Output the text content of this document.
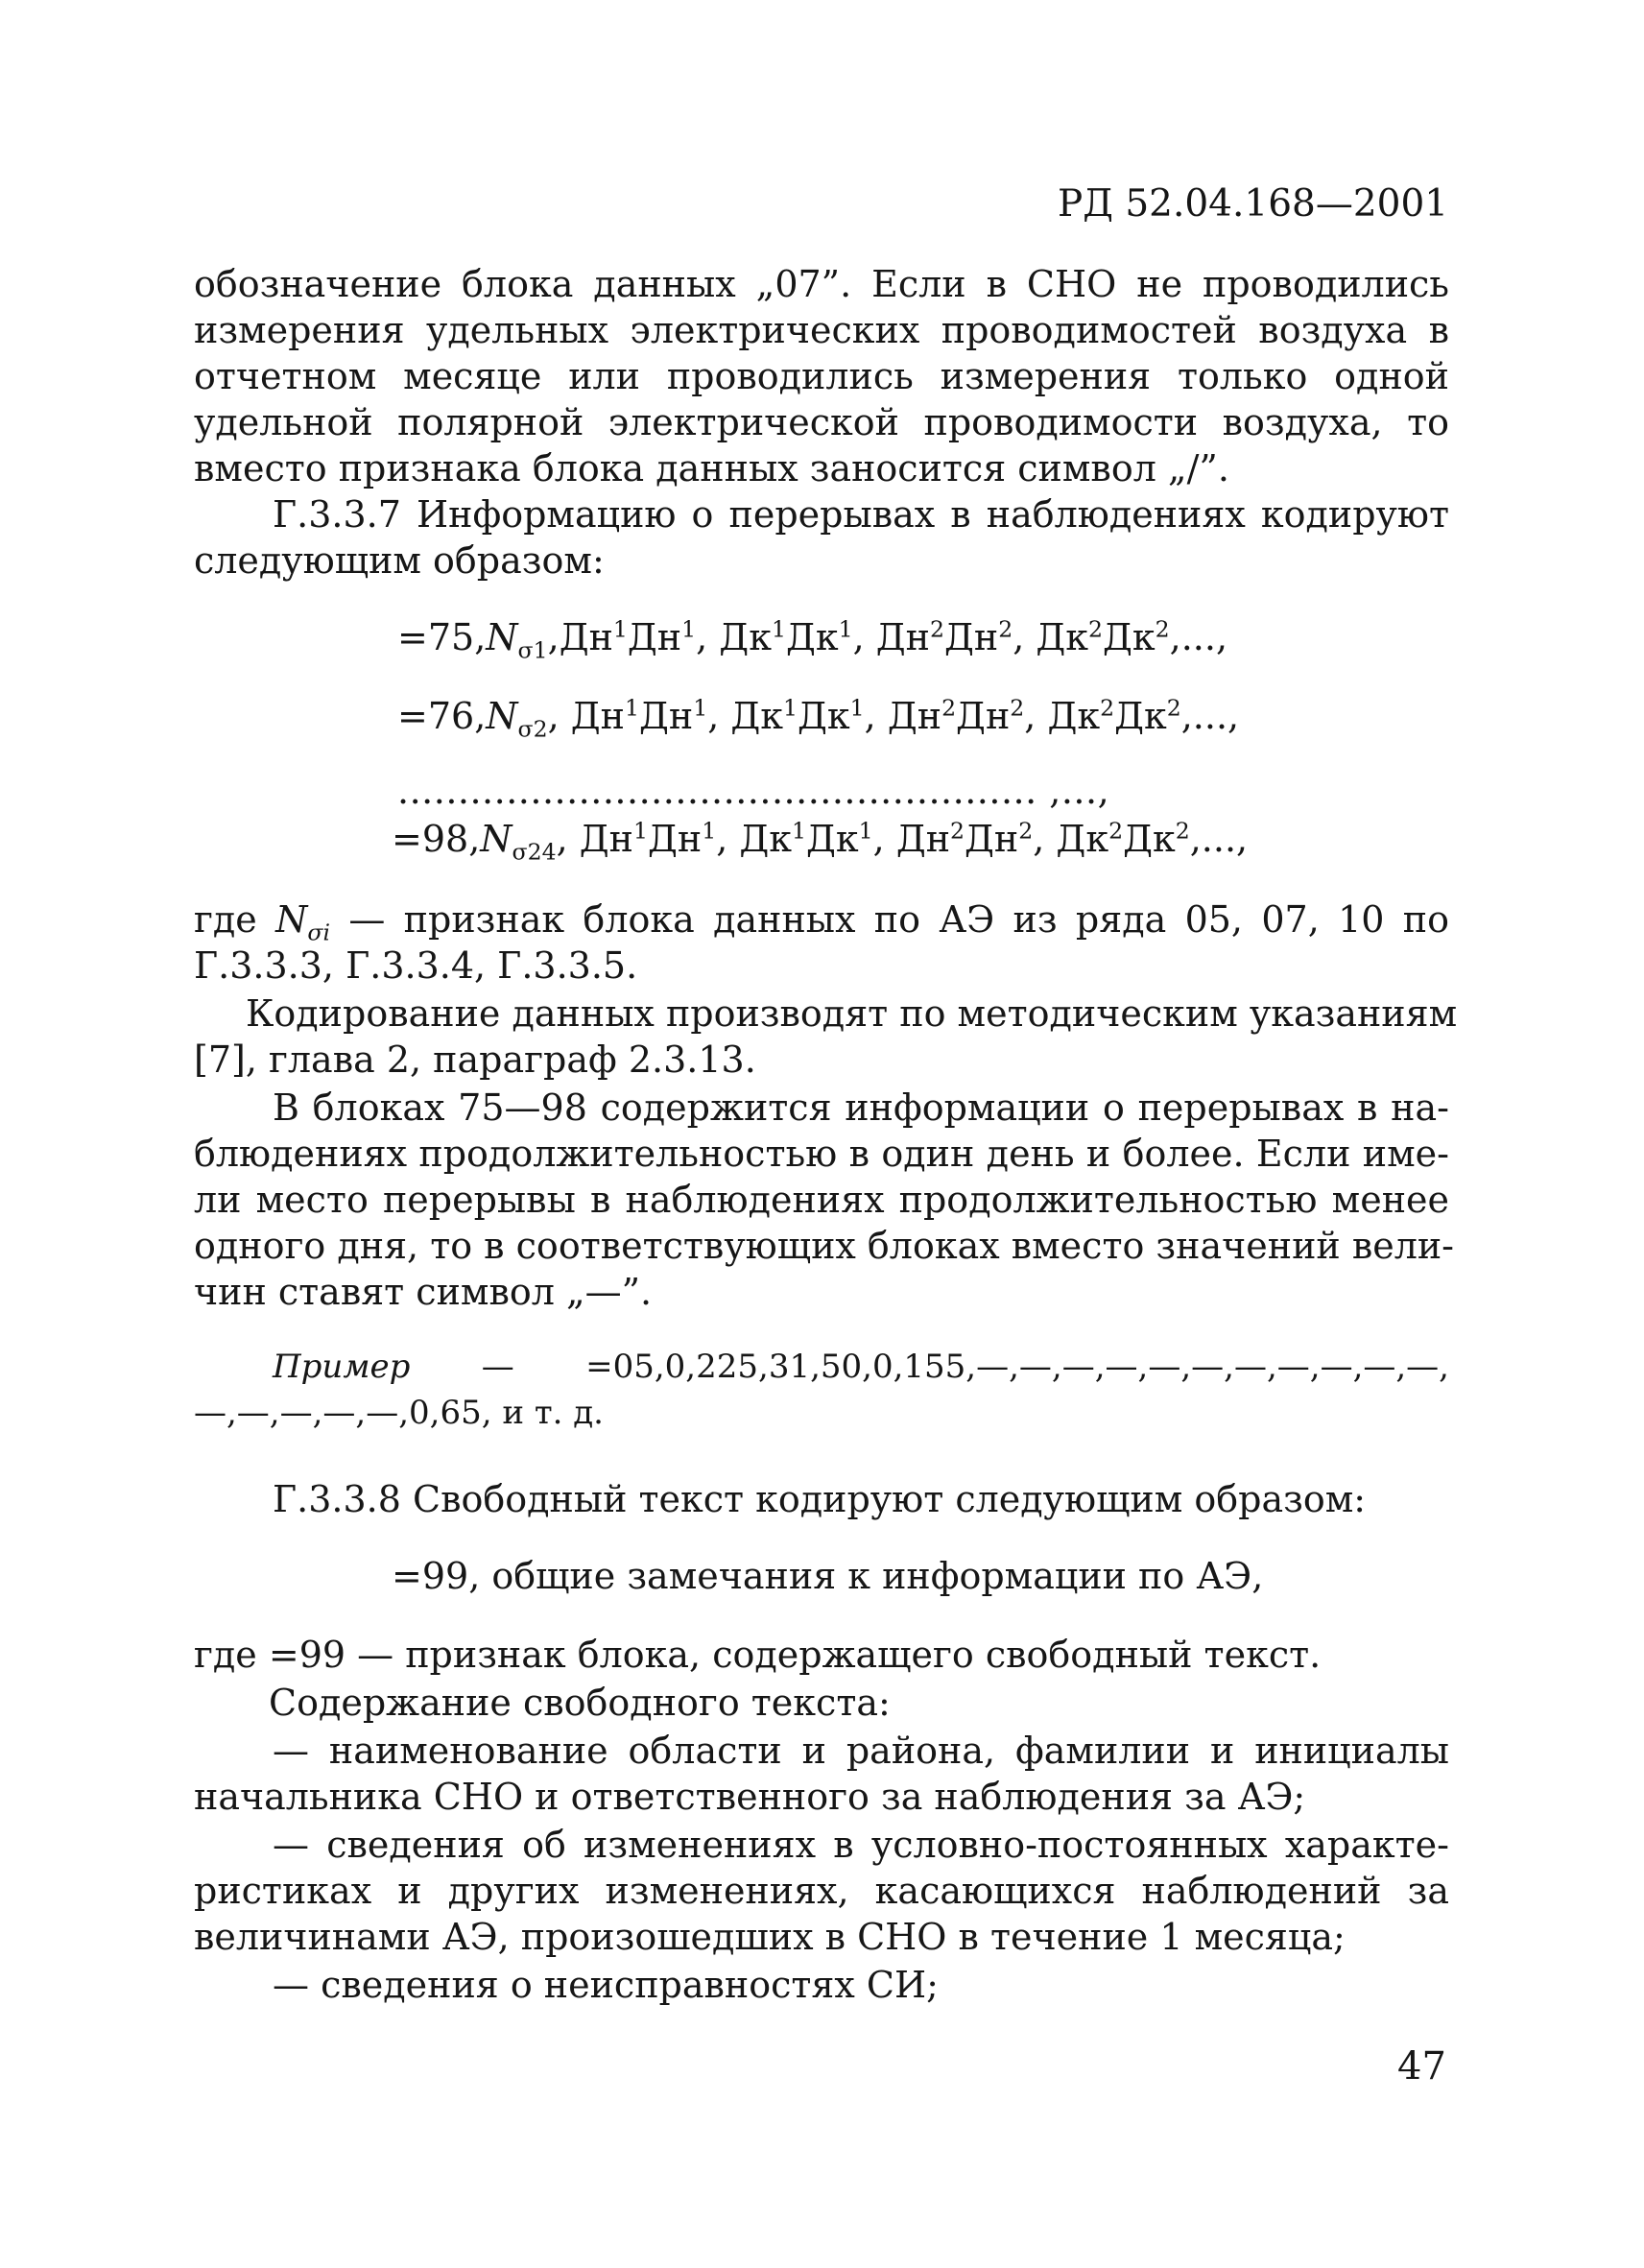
РД 52.04.168—2001
обозначение блока данных „07”. Если в СНО не проводились
измерения удельных электрических проводимостей воздуха в
отчетном месяце или проводились измерения только одной
удельной полярной электрической проводимости воздуха, то
вместо признака блока данных заносится символ „/”.
Г.3.3.7 Информацию о перерывах в наблюдениях кодируют
следующим образом:
$=75,N_{\sigma 1},Дн^1Дн^1$, $Дк^1Дк^1$, $Дн^2Дн^2$, $Дк^2Дк^2$,...,
$=76,N_{\sigma 2}$, $Дн^1Дн^1$, $Дк^1Дк^1$, $Дн^2Дн^2$, $Дк^2Дк^2$,...,
..................................................... ,...,
$=98,N_{\sigma 24}$, $Дн^1Дн^1$, $Дк^1Дк^1$, $Дн^2Дн^2$, $Дк^2Дк^2$,...,
где $N_{\sigma i}$ — признак блока данных по АЭ из ряда 05, 07, 10 по
Г.3.3.3, Г.3.3.4, Г.3.3.5.
Кодирование данных производят по методическим указаниям
[7], глава 2, параграф 2.3.13.
В блоках 75—98 содержится информации о перерывах в на-
блюдениях продолжительностью в один день и более. Если име-
ли место перерывы в наблюдениях продолжительностью менее
одного дня, то в соответствующих блоках вместо значений вели-
чин ставят символ „—”.
Пример — =05,0,225,31,50,0,155,—,—,—,—,—,—,—,—,—,—,—,
—,—,—,—,—,0,65, и т. д.
Г.3.3.8 Свободный текст кодируют следующим образом:
=99, общие замечания к информации по АЭ,
где =99 — признак блока, содержащего свободный текст.
Содержание свободного текста:
— наименование области и района, фамилии и инициалы
начальника СНО и ответственного за наблюдения за АЭ;
— сведения об изменениях в условно-постоянных характе-
ристиках и других изменениях, касающихся наблюдений за
величинами АЭ, произошедших в СНО в течение 1 месяца;
— сведения о неисправностях СИ;
47
